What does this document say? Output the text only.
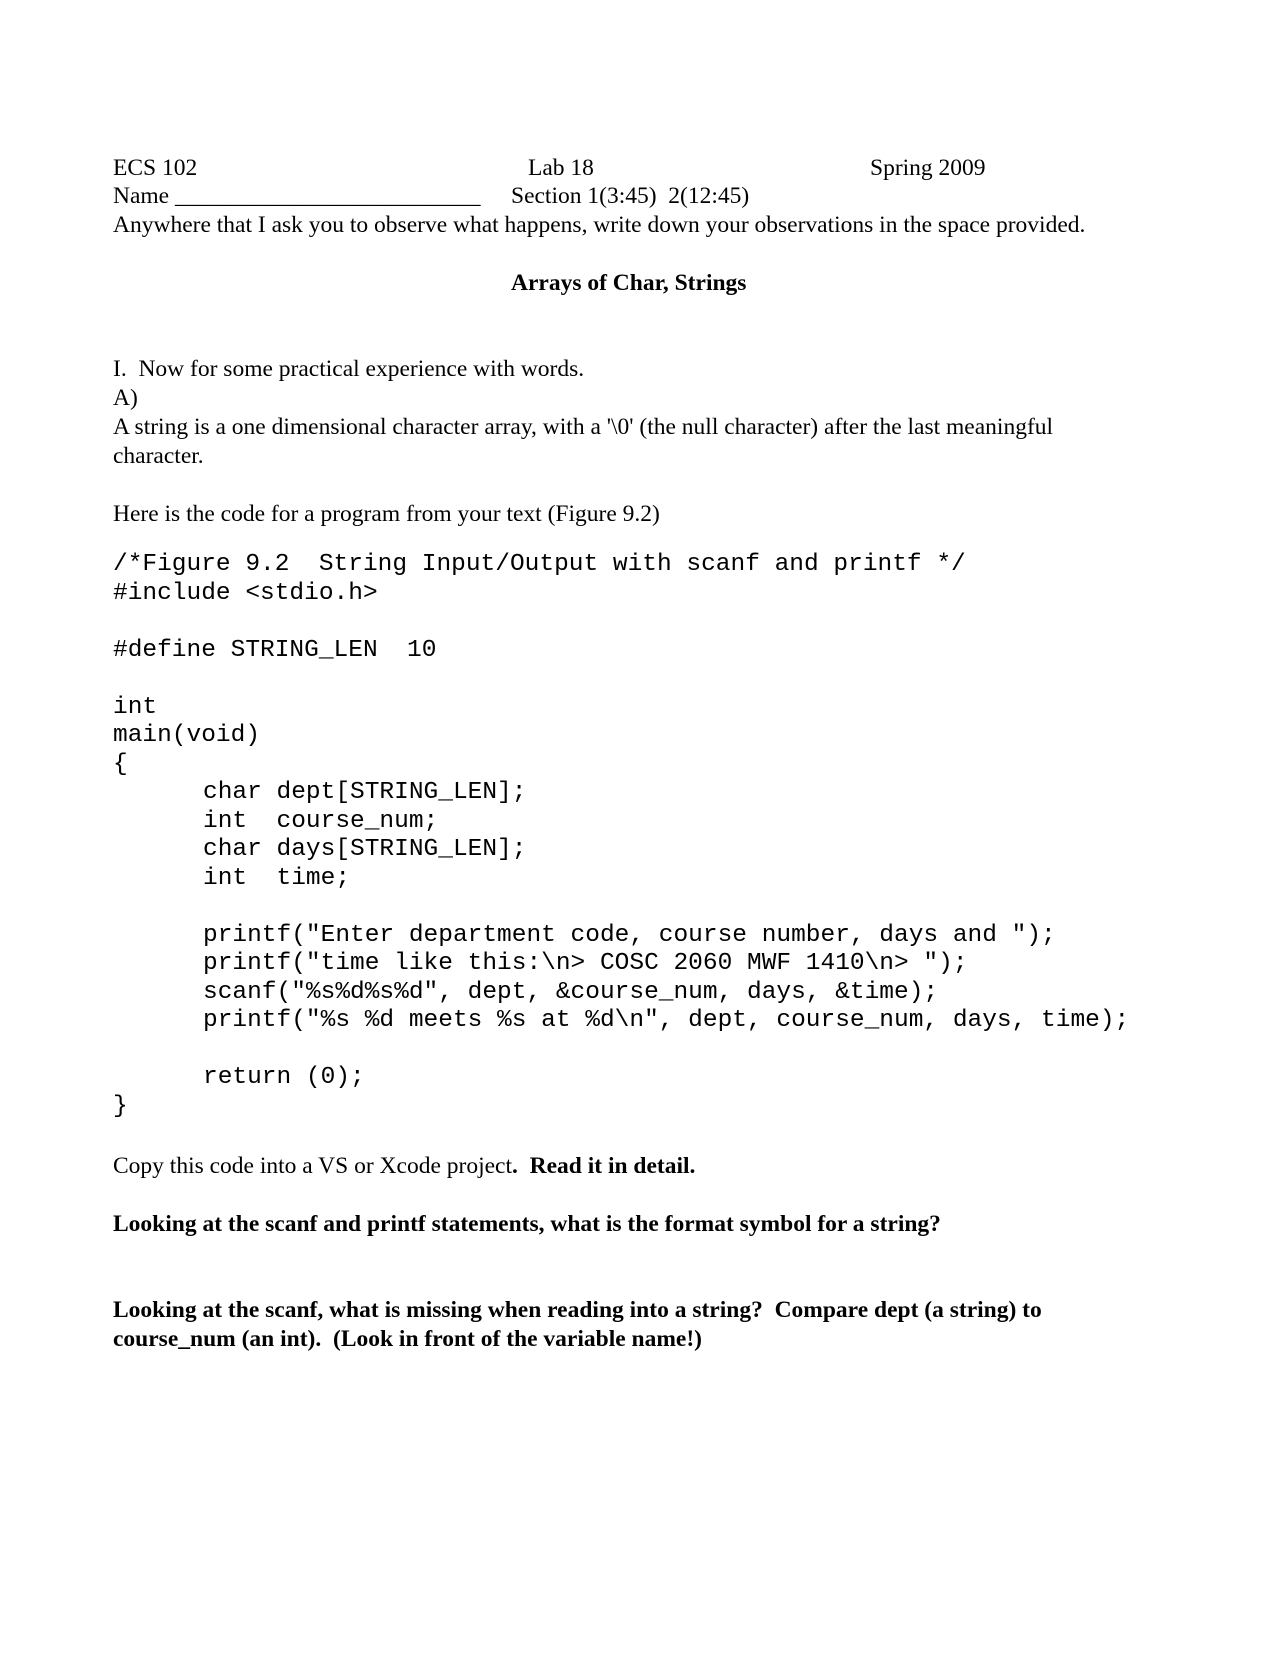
ECS 102	Lab 18	Spring 2009
Name __________________________ Section 1(3:45)  2(12:45)
Anywhere that I ask you to observe what happens, write down your observations in the space provided.
Arrays of Char, Strings
I.  Now for some practical experience with words.
A)
A string is a one dimensional character array, with a '\0' (the null character) after the last meaningful
character.
Here is the code for a program from your text (Figure 9.2)
/*Figure 9.2  String Input/Output with scanf and printf */
#include <stdio.h>
#define STRING_LEN  10
int
main(void)
{
char dept[STRING_LEN];
int  course_num;
char days[STRING_LEN];
int  time;
printf("Enter department code, course number, days and ");
printf("time like this:\n> COSC 2060 MWF 1410\n> ");
scanf("%s%d%s%d", dept, &course_num, days, &time);
printf("%s %d meets %s at %d\n", dept, course_num, days, time);
return (0);
}
Copy this code into a VS or Xcode project.  Read it in detail.
Looking at the scanf and printf statements, what is the format symbol for a string?
Looking at the scanf, what is missing when reading into a string?  Compare dept (a string) to
course_num (an int).  (Look in front of the variable name!)
